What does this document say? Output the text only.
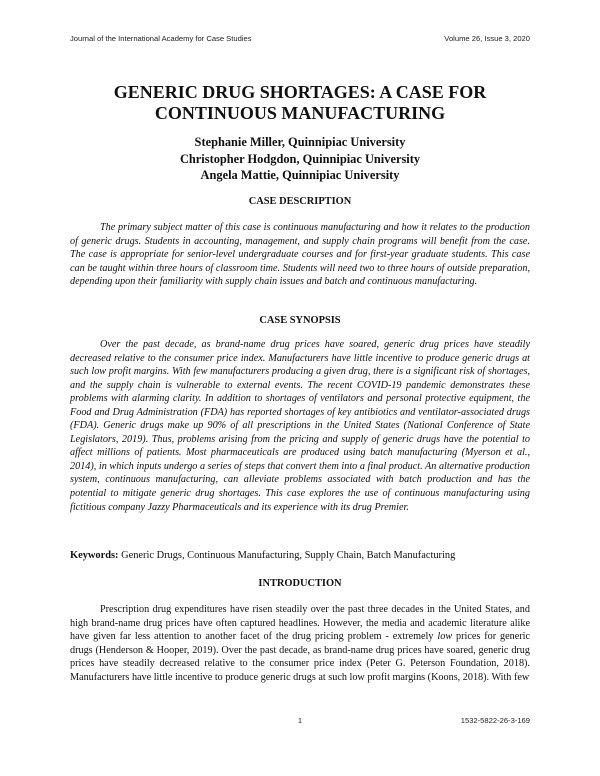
Journal of the International Academy for Case Studies	Volume 26, Issue 3, 2020
GENERIC DRUG SHORTAGES: A CASE FOR
CONTINUOUS MANUFACTURING
Stephanie Miller, Quinnipiac University
Christopher Hodgdon, Quinnipiac University
Angela Mattie, Quinnipiac University
CASE DESCRIPTION
The primary subject matter of this case is continuous manufacturing and how it relates to the production of generic drugs. Students in accounting, management, and supply chain programs will benefit from the case. The case is appropriate for senior-level undergraduate courses and for first-year graduate students. This case can be taught within three hours of classroom time. Students will need two to three hours of outside preparation, depending upon their familiarity with supply chain issues and batch and continuous manufacturing.
CASE SYNOPSIS
Over the past decade, as brand-name drug prices have soared, generic drug prices have steadily decreased relative to the consumer price index. Manufacturers have little incentive to produce generic drugs at such low profit margins. With few manufacturers producing a given drug, there is a significant risk of shortages, and the supply chain is vulnerable to external events. The recent COVID-19 pandemic demonstrates these problems with alarming clarity. In addition to shortages of ventilators and personal protective equipment, the Food and Drug Administration (FDA) has reported shortages of key antibiotics and ventilator-associated drugs (FDA). Generic drugs make up 90% of all prescriptions in the United States (National Conference of State Legislators, 2019). Thus, problems arising from the pricing and supply of generic drugs have the potential to affect millions of patients. Most pharmaceuticals are produced using batch manufacturing (Myerson et al., 2014), in which inputs undergo a series of steps that convert them into a final product. An alternative production system, continuous manufacturing, can alleviate problems associated with batch production and has the potential to mitigate generic drug shortages. This case explores the use of continuous manufacturing using fictitious company Jazzy Pharmaceuticals and its experience with its drug Premier.
Keywords: Generic Drugs, Continuous Manufacturing, Supply Chain, Batch Manufacturing
INTRODUCTION
Prescription drug expenditures have risen steadily over the past three decades in the United States, and high brand-name drug prices have often captured headlines. However, the media and academic literature alike have given far less attention to another facet of the drug pricing problem - extremely low prices for generic drugs (Henderson & Hooper, 2019). Over the past decade, as brand-name drug prices have soared, generic drug prices have steadily decreased relative to the consumer price index (Peter G. Peterson Foundation, 2018). Manufacturers have little incentive to produce generic drugs at such low profit margins (Koons, 2018). With few
1	1532-5822-26-3-169
